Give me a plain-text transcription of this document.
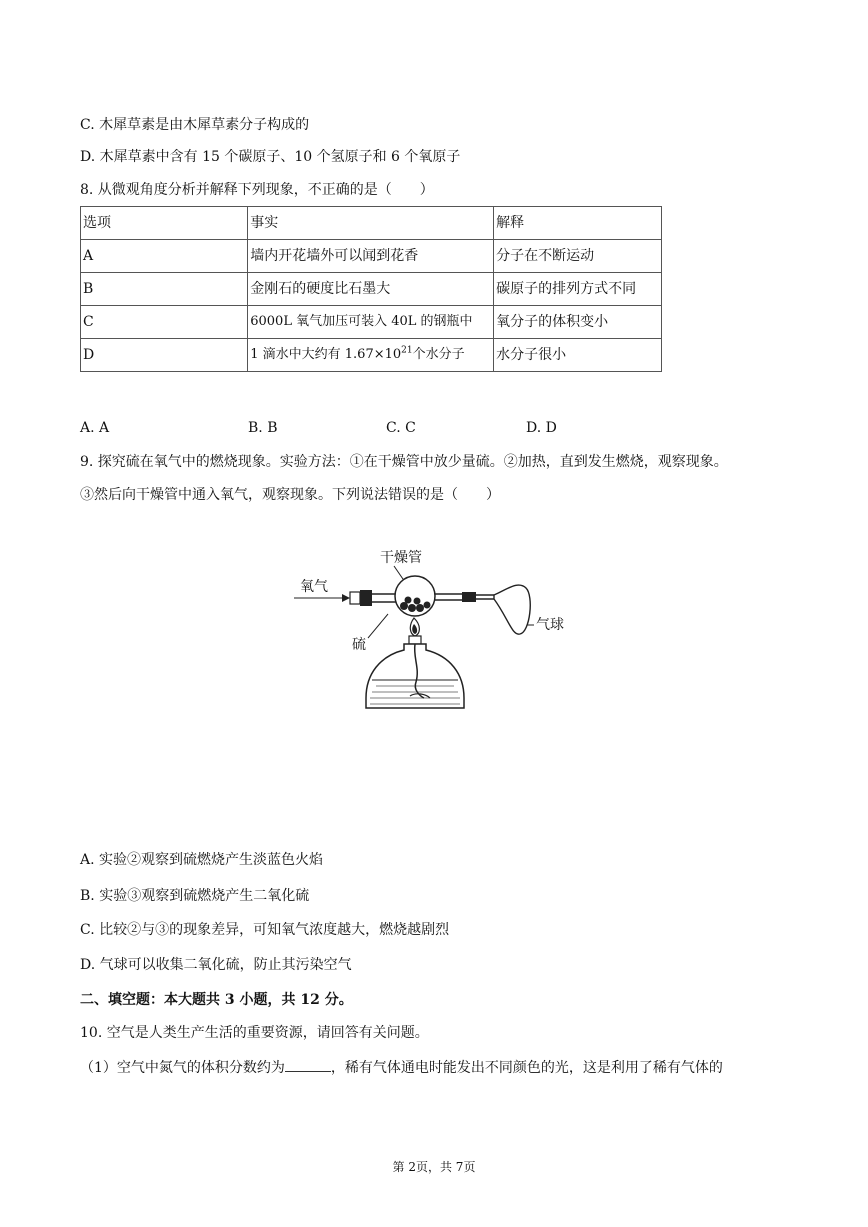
C. 木犀草素是由木犀草素分子构成的
D. 木犀草素中含有 15 个碳原子、10 个氢原子和 6 个氧原子
8. 从微观角度分析并解释下列现象，不正确的是（　　）
选项	事实	解释
A	墙内开花墙外可以闻到花香	分子在不断运动
B	金刚石的硬度比石墨大	碳原子的排列方式不同
C	6000L 氧气加压可装入 40L 的钢瓶中	氧分子的体积变小
D	1 滴水中大约有 $1.67\times 10^{21}$个水分子	水分子很小
A. A	B. B	C. C	D. D
9. 探究硫在氧气中的燃烧现象。实验方法：①在干燥管中放少量硫。②加热，直到发生燃烧，观察现象。
③然后向干燥管中通入氧气，观察现象。下列说法错误的是（　　）
干燥管
氧气
气球
硫
A. 实验②观察到硫燃烧产生淡蓝色火焰
B. 实验③观察到硫燃烧产生二氧化硫
C. 比较②与③的现象差异，可知氧气浓度越大，燃烧越剧烈
D. 气球可以收集二氧化硫，防止其污染空气
二、填空题：本大题共 3 小题，共 12 分。
10. 空气是人类生产生活的重要资源，请回答有关问题。
（1）空气中氮气的体积分数约为	，稀有气体通电时能发出不同颜色的光，这是利用了稀有气体的
第 2页，共 7页
